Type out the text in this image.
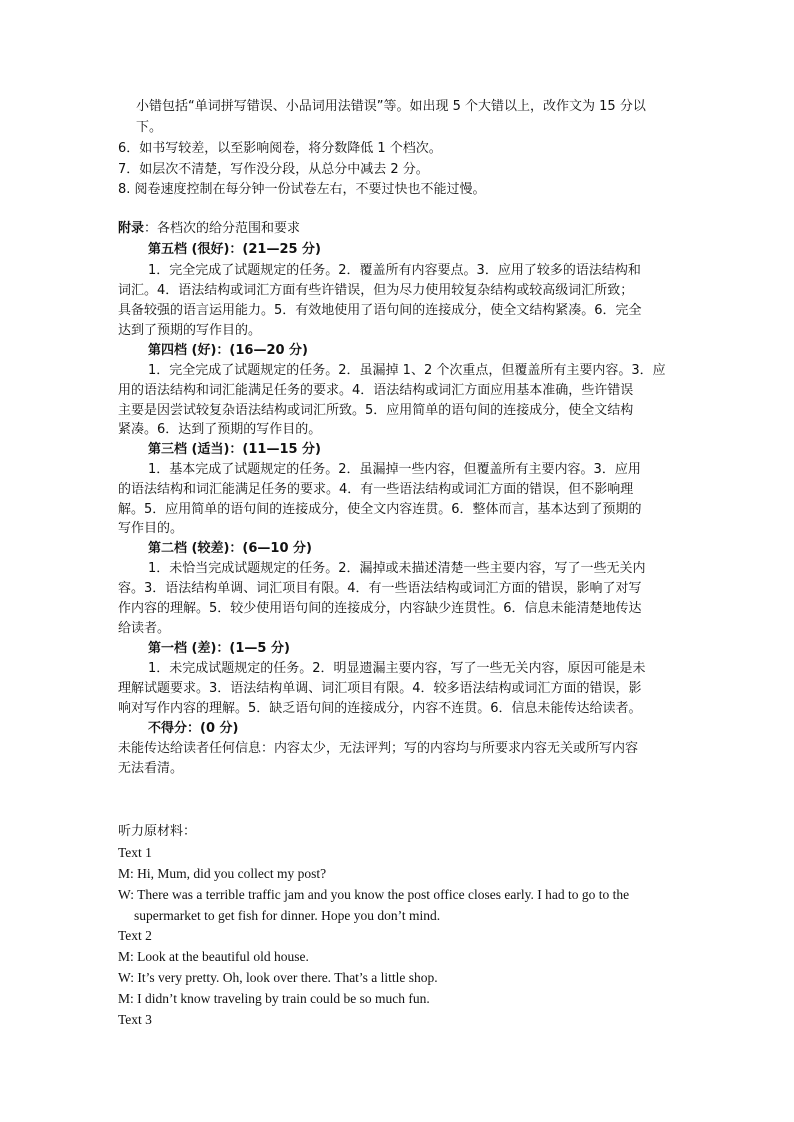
小错包括“单词拼写错误、小品词用法错误”等。如出现 5 个大错以上，改作文为 15 分以
下。
6．如书写较差，以至影响阅卷，将分数降低 1 个档次。
7．如层次不清楚，写作没分段，从总分中减去 2 分。
8. 阅卷速度控制在每分钟一份试卷左右，不要过快也不能过慢。
附录：各档次的给分范围和要求
第五档 (很好)：(21—25 分)
1．完全完成了试题规定的任务。2．覆盖所有内容要点。3．应用了较多的语法结构和
词汇。4．语法结构或词汇方面有些许错误，但为尽力使用较复杂结构或较高级词汇所致；
具备较强的语言运用能力。5．有效地使用了语句间的连接成分，使全文结构紧凑。6．完全
达到了预期的写作目的。
第四档 (好)：(16—20 分)
1．完全完成了试题规定的任务。2．虽漏掉 1、2 个次重点，但覆盖所有主要内容。3．应
用的语法结构和词汇能满足任务的要求。4．语法结构或词汇方面应用基本准确，些许错误
主要是因尝试较复杂语法结构或词汇所致。5．应用简单的语句间的连接成分，使全文结构
紧凑。6．达到了预期的写作目的。
第三档 (适当)：(11—15 分)
1．基本完成了试题规定的任务。2．虽漏掉一些内容，但覆盖所有主要内容。3．应用
的语法结构和词汇能满足任务的要求。4．有一些语法结构或词汇方面的错误，但不影响理
解。5．应用简单的语句间的连接成分，使全文内容连贯。6．整体而言，基本达到了预期的
写作目的。
第二档 (较差)：(6—10 分)
1．未恰当完成试题规定的任务。2．漏掉或未描述清楚一些主要内容，写了一些无关内
容。3．语法结构单调、词汇项目有限。4．有一些语法结构或词汇方面的错误，影响了对写
作内容的理解。5．较少使用语句间的连接成分，内容缺少连贯性。6．信息未能清楚地传达
给读者。
第一档 (差)：(1—5 分)
1．未完成试题规定的任务。2．明显遗漏主要内容，写了一些无关内容，原因可能是未
理解试题要求。3．语法结构单调、词汇项目有限。4．较多语法结构或词汇方面的错误，影
响对写作内容的理解。5．缺乏语句间的连接成分，内容不连贯。6．信息未能传达给读者。
不得分：(0 分)
未能传达给读者任何信息：内容太少，无法评判；写的内容均与所要求内容无关或所写内容
无法看清。
听力原材料：
Text 1
M: Hi, Mum, did you collect my post?
W: There was a terrible traffic jam and you know the post office closes early. I had to go to the
supermarket to get fish for dinner. Hope you don’t mind.
Text 2
M: Look at the beautiful old house.
W: It’s very pretty. Oh, look over there. That’s a little shop.
M: I didn’t know traveling by train could be so much fun.
Text 3
